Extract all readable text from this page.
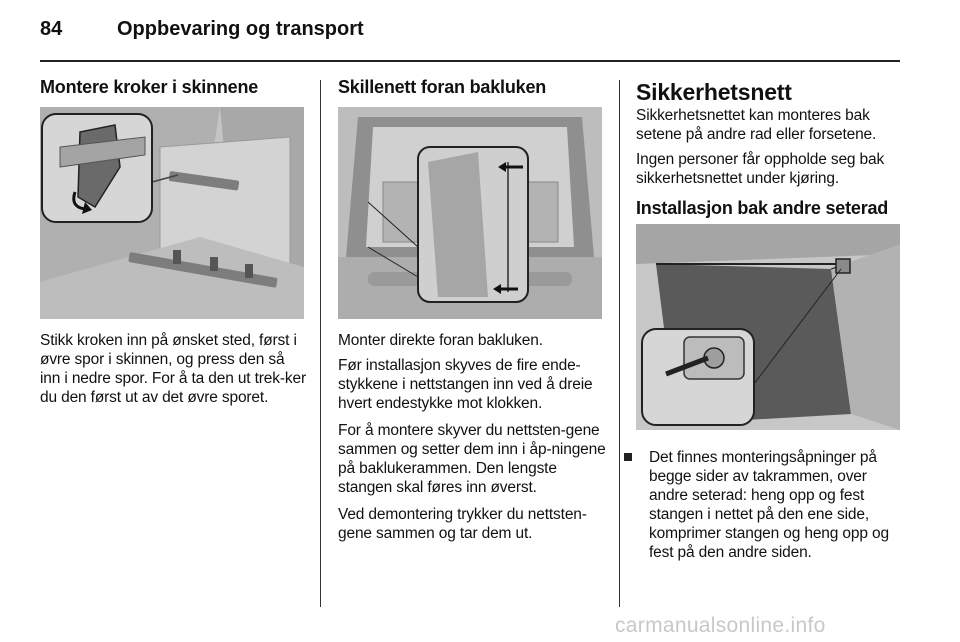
84	Oppbevaring og transport
Montere kroker i skinnene

Stikk kroken inn på ønsket sted, først i øvre spor i skinnen, og press den så inn i nedre spor. For å ta den ut trek-ker du den først ut av det øvre sporet.

Skillenett foran bakluken

Monter direkte foran bakluken.

Før installasjon skyves de fire ende-stykkene i nettstangen inn ved å dreie hvert endestykke mot klokken.

For å montere skyver du nettsten-gene sammen og setter dem inn i åp-ningene på baklukerammen. Den lengste stangen skal føres inn øverst.

Ved demontering trykker du nettsten-gene sammen og tar dem ut.

Sikkerhetsnett

Sikkerhetsnettet kan monteres bak setene på andre rad eller forsetene.

Ingen personer får oppholde seg bak sikkerhetsnettet under kjøring.

Installasjon bak andre seterad
Det finnes monteringsåpninger på begge sider av takrammen, over andre seterad: heng opp og fest stangen i nettet på den ene side, komprimer stangen og heng opp og fest på den andre siden.
carmanualsonline.info
